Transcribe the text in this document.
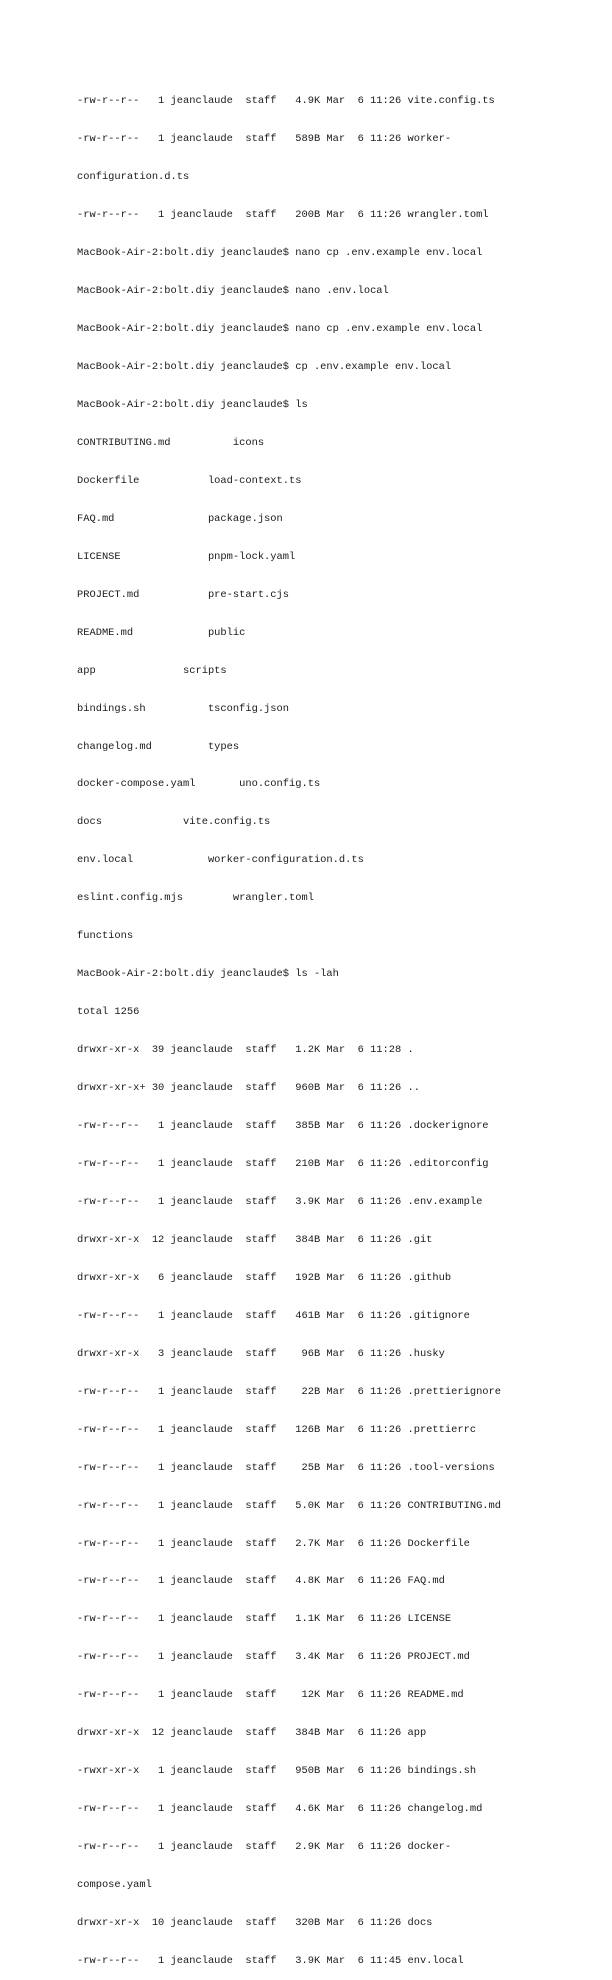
-rw-r--r--   1 jeanclaude  staff   4.9K Mar  6 11:26 vite.config.ts

-rw-r--r--   1 jeanclaude  staff   589B Mar  6 11:26 worker-

configuration.d.ts

-rw-r--r--   1 jeanclaude  staff   200B Mar  6 11:26 wrangler.toml

MacBook-Air-2:bolt.diy jeanclaude$ nano cp .env.example env.local

MacBook-Air-2:bolt.diy jeanclaude$ nano .env.local

MacBook-Air-2:bolt.diy jeanclaude$ nano cp .env.example env.local

MacBook-Air-2:bolt.diy jeanclaude$ cp .env.example env.local

MacBook-Air-2:bolt.diy jeanclaude$ ls

CONTRIBUTING.md          icons

Dockerfile           load-context.ts

FAQ.md               package.json

LICENSE              pnpm-lock.yaml

PROJECT.md           pre-start.cjs

README.md            public

app              scripts

bindings.sh          tsconfig.json

changelog.md         types

docker-compose.yaml       uno.config.ts

docs             vite.config.ts

env.local            worker-configuration.d.ts

eslint.config.mjs        wrangler.toml

functions

MacBook-Air-2:bolt.diy jeanclaude$ ls -lah

total 1256

drwxr-xr-x  39 jeanclaude  staff   1.2K Mar  6 11:28 .

drwxr-xr-x+ 30 jeanclaude  staff   960B Mar  6 11:26 ..

-rw-r--r--   1 jeanclaude  staff   385B Mar  6 11:26 .dockerignore

-rw-r--r--   1 jeanclaude  staff   210B Mar  6 11:26 .editorconfig

-rw-r--r--   1 jeanclaude  staff   3.9K Mar  6 11:26 .env.example

drwxr-xr-x  12 jeanclaude  staff   384B Mar  6 11:26 .git

drwxr-xr-x   6 jeanclaude  staff   192B Mar  6 11:26 .github

-rw-r--r--   1 jeanclaude  staff   461B Mar  6 11:26 .gitignore

drwxr-xr-x   3 jeanclaude  staff    96B Mar  6 11:26 .husky

-rw-r--r--   1 jeanclaude  staff    22B Mar  6 11:26 .prettierignore

-rw-r--r--   1 jeanclaude  staff   126B Mar  6 11:26 .prettierrc

-rw-r--r--   1 jeanclaude  staff    25B Mar  6 11:26 .tool-versions

-rw-r--r--   1 jeanclaude  staff   5.0K Mar  6 11:26 CONTRIBUTING.md

-rw-r--r--   1 jeanclaude  staff   2.7K Mar  6 11:26 Dockerfile

-rw-r--r--   1 jeanclaude  staff   4.8K Mar  6 11:26 FAQ.md

-rw-r--r--   1 jeanclaude  staff   1.1K Mar  6 11:26 LICENSE

-rw-r--r--   1 jeanclaude  staff   3.4K Mar  6 11:26 PROJECT.md

-rw-r--r--   1 jeanclaude  staff    12K Mar  6 11:26 README.md

drwxr-xr-x  12 jeanclaude  staff   384B Mar  6 11:26 app

-rwxr-xr-x   1 jeanclaude  staff   950B Mar  6 11:26 bindings.sh

-rw-r--r--   1 jeanclaude  staff   4.6K Mar  6 11:26 changelog.md

-rw-r--r--   1 jeanclaude  staff   2.9K Mar  6 11:26 docker-

compose.yaml

drwxr-xr-x  10 jeanclaude  staff   320B Mar  6 11:26 docs

-rw-r--r--   1 jeanclaude  staff   3.9K Mar  6 11:45 env.local
